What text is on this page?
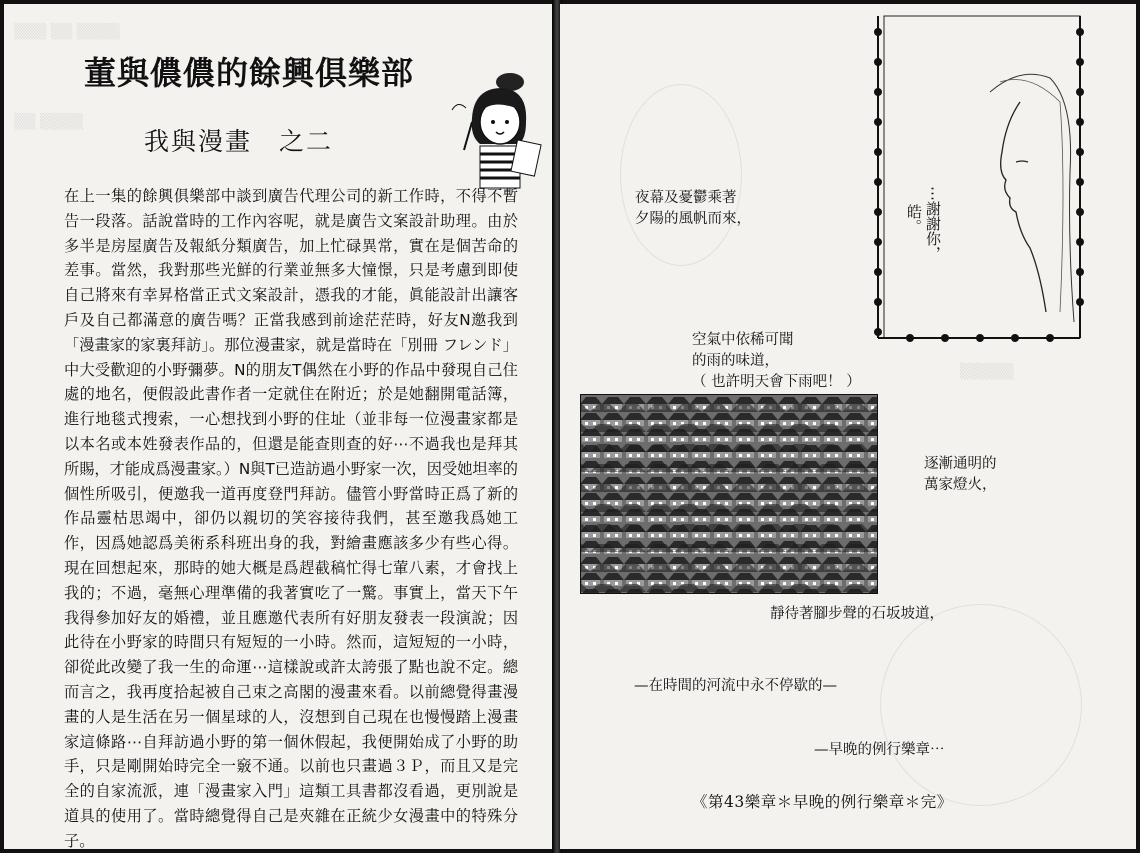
▒▒▒ ▒▒ ▒▒▒▒
▒▒ ▒▒▒▒
董與儂儂的餘興俱樂部
我與漫畫　之二
在上一集的餘興俱樂部中談到廣告代理公司的新工作時，不得不暫告一段落。話說當時的工作內容呢，就是廣告文案設計助理。由於多半是房屋廣告及報紙分類廣告，加上忙碌異常，實在是個苦命的差事。當然，我對那些光鮮的行業並無多大憧憬，只是考慮到即使自己將來有幸昇格當正式文案設計，憑我的才能，眞能設計出讓客戶及自己都滿意的廣告嗎？正當我感到前途茫茫時，好友N邀我到「漫畫家的家裏拜訪」。那位漫畫家，就是當時在「別冊 フレンド」中大受歡迎的小野彌夢。N的朋友T偶然在小野的作品中發現自己住處的地名，便假設此書作者一定就住在附近；於是她翻開電話簿，進行地毯式搜索，一心想找到小野的住址（並非每一位漫畫家都是以本名或本姓發表作品的，但還是能查則查的好⋯不過我也是拜其所賜，才能成爲漫畫家。）N與T已造訪過小野家一次，因受她坦率的個性所吸引，便邀我一道再度登門拜訪。儘管小野當時正爲了新的作品靈枯思竭中，卻仍以親切的笑容接待我們，甚至邀我爲她工作，因爲她認爲美術系科班出身的我，對繪畫應該多少有些心得。現在回想起來，那時的她大概是爲趕截稿忙得七葷八素，才會找上我的；不過，毫無心理準備的我著實吃了一驚。事實上，當天下午我得參加好友的婚禮，並且應邀代表所有好朋友發表一段演說；因此待在小野家的時間只有短短的一小時。然而，這短短的一小時，卻從此改變了我一生的命運⋯這樣說或許太誇張了點也說不定。總而言之，我再度拾起被自己束之高閣的漫畫來看。以前總覺得畫漫畫的人是生活在另一個星球的人，沒想到自己現在也慢慢踏上漫畫家這條路⋯自拜訪過小野的第一個休假起，我便開始成了小野的助手，只是剛開始時完全一竅不通。以前也只畫過３Ｐ，而且又是完全的自家流派，連「漫畫家入門」這類工具書都沒看過，更別說是道具的使用了。當時總覺得自己是夾雜在正統少女漫畫中的特殊分子。
▒▒▒▒▒
⋯謝謝你，
皓。
夜幕及憂鬱乘著
夕陽的風帆而來，
空氣中依稀可聞
的雨的味道，
（ 也許明天會下雨吧！ ）
逐漸通明的
萬家燈火，
靜待著腳步聲的石坂坡道，
—在時間的河流中永不停歇的—
—早晚的例行樂章⋯
《第43樂章＊早晚的例行樂章＊完》
